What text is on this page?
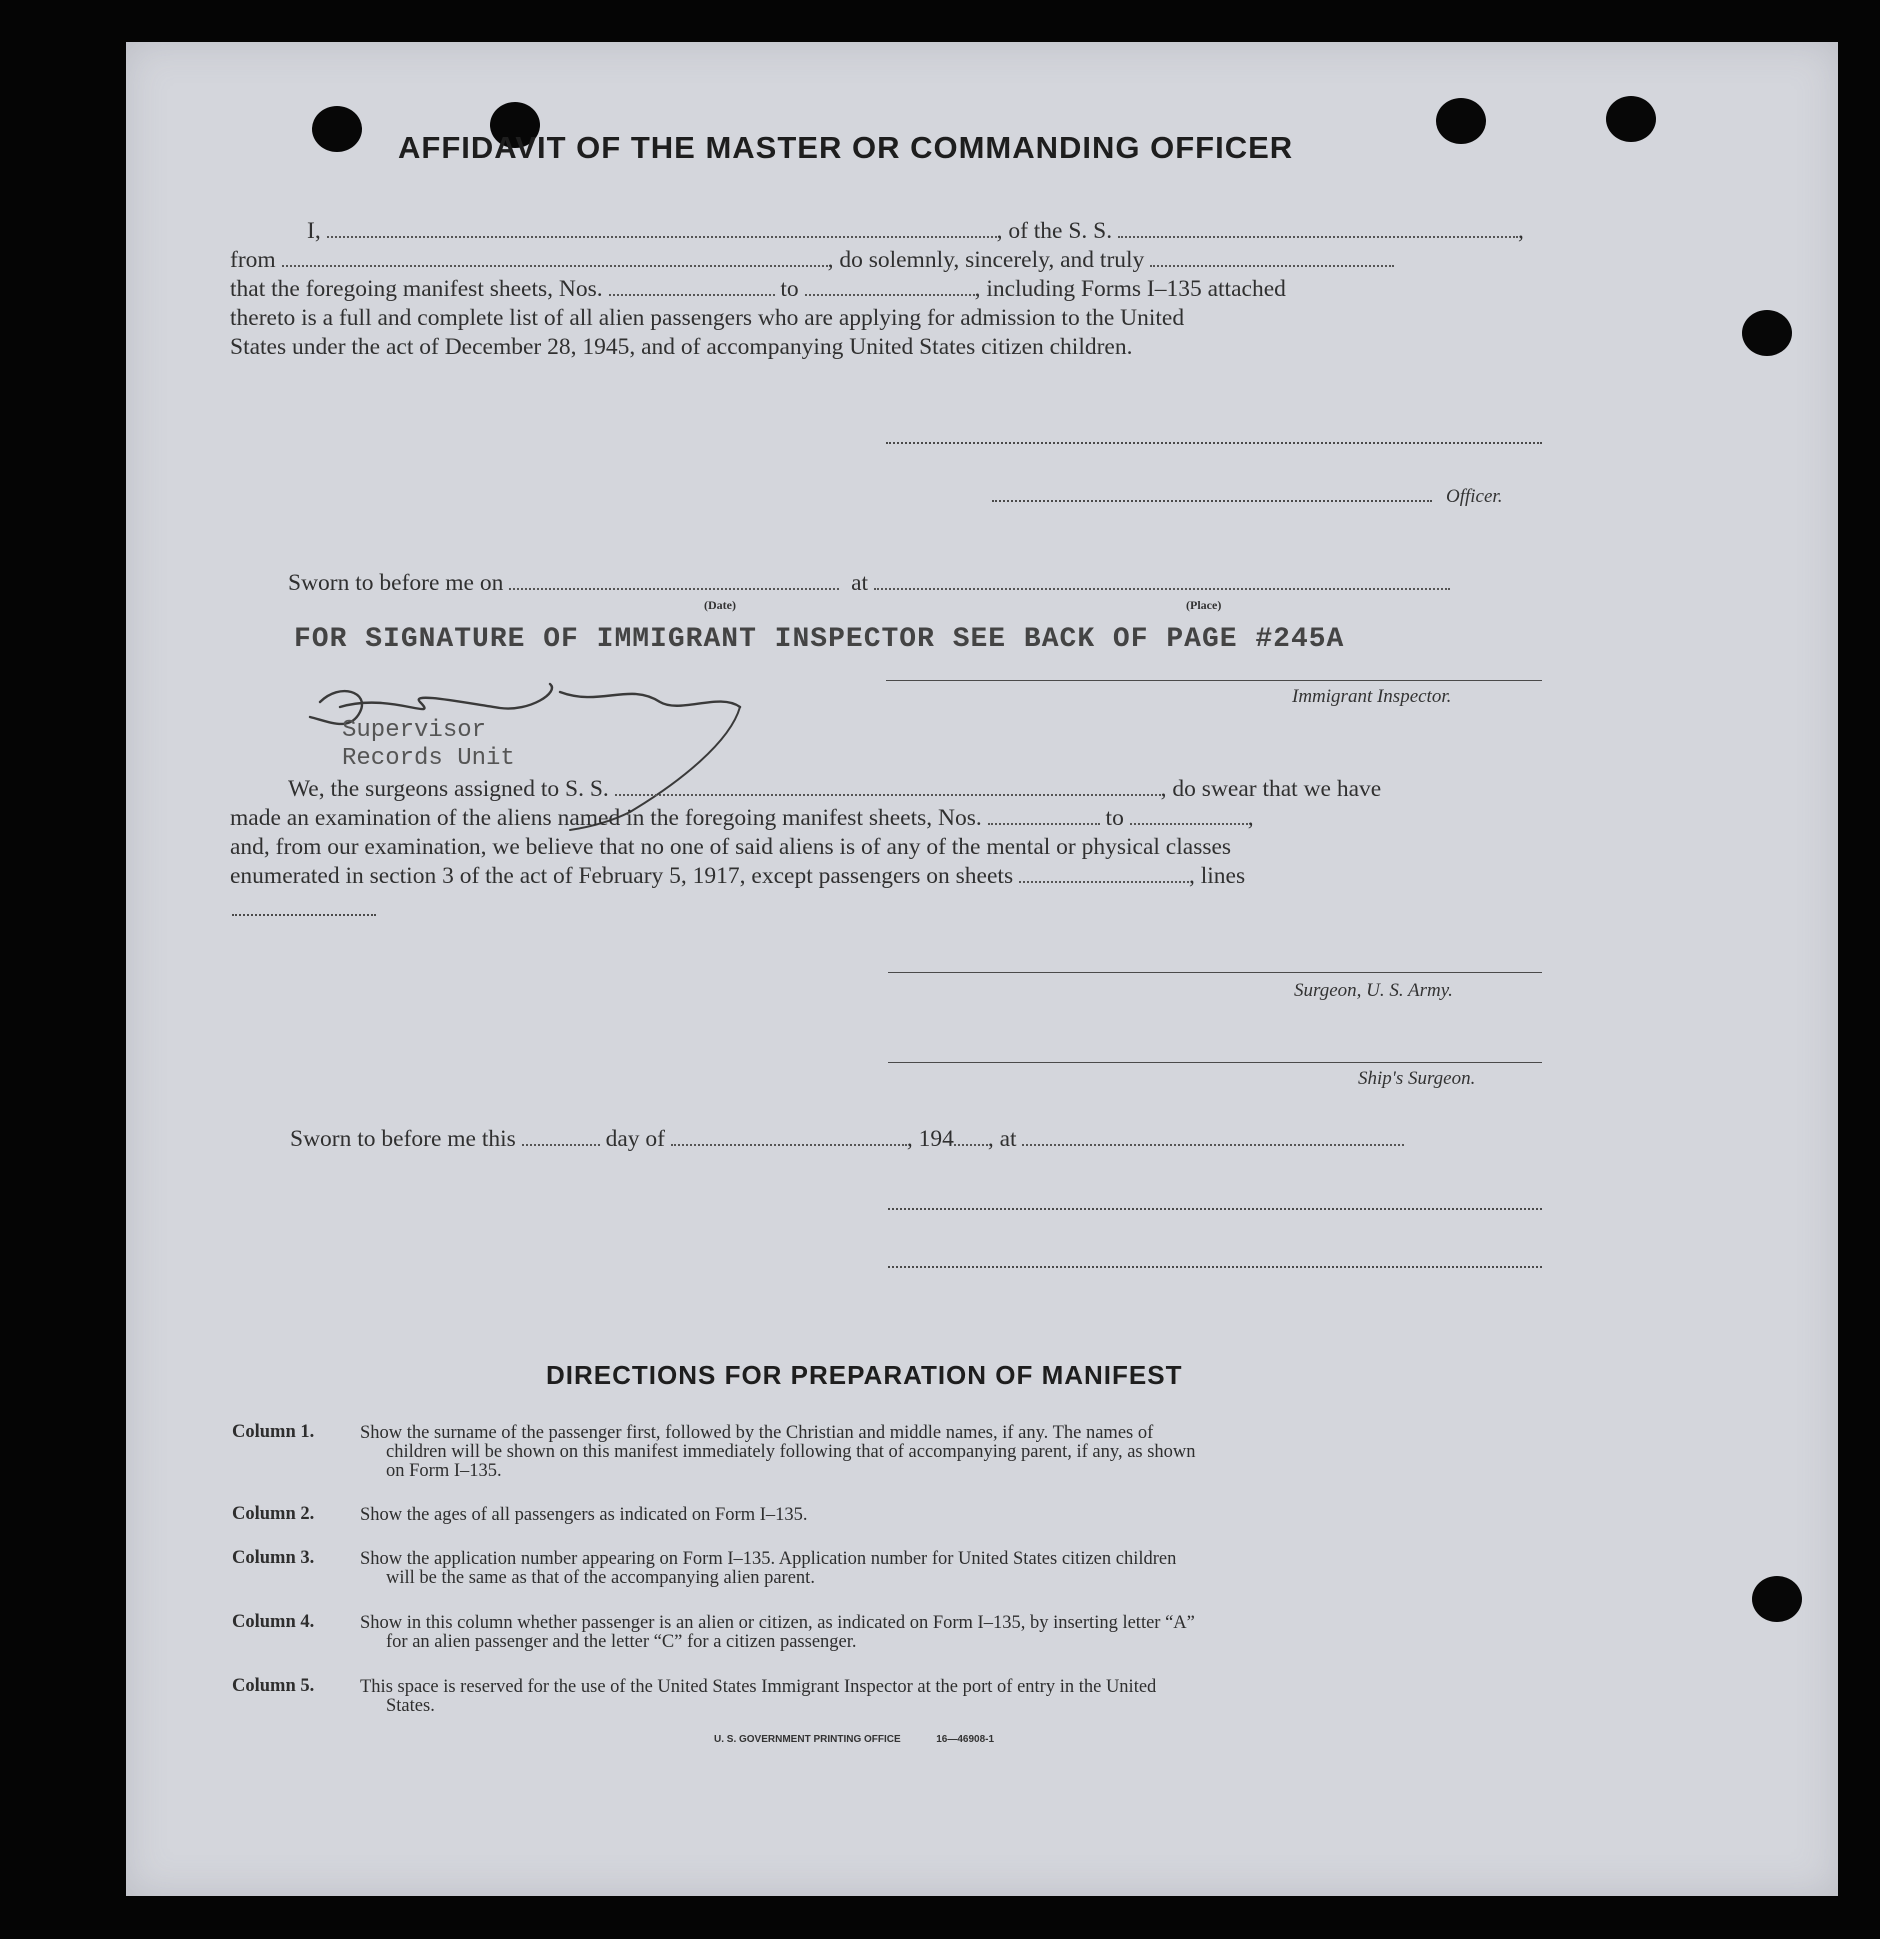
AFFIDAVIT OF THE MASTER OR COMMANDING OFFICER
I,	, of the S. S.	,
from	, do solemnly, sincerely, and truly
that the foregoing manifest sheets, Nos.	to	, including Forms I–135 attached
thereto is a full and complete list of all alien passengers who are applying for admission to the United
States under the act of December 28, 1945, and of accompanying United States citizen children.
Officer.
Sworn to before me on	at
(Date)	(Place)
FOR SIGNATURE OF IMMIGRANT INSPECTOR SEE BACK OF PAGE #245A
Immigrant Inspector.
Supervisor
Records Unit
We, the surgeons assigned to S. S.	, do swear that we have
made an examination of the aliens named in the foregoing manifest sheets, Nos.	to	,
and, from our examination, we believe that no one of said aliens is of any of the mental or physical classes
enumerated in section 3 of the act of February 5, 1917, except passengers on sheets	, lines
Surgeon, U. S. Army.
Ship's Surgeon.
Sworn to before me this	day of	, 194 , at
DIRECTIONS FOR PREPARATION OF MANIFEST
Column 1. Show the surname of the passenger first, followed by the Christian and middle names, if any. The names of
children will be shown on this manifest immediately following that of accompanying parent, if any, as shown
on Form I–135.
Column 2. Show the ages of all passengers as indicated on Form I–135.
Column 3. Show the application number appearing on Form I–135. Application number for United States citizen children
will be the same as that of the accompanying alien parent.
Column 4. Show in this column whether passenger is an alien or citizen, as indicated on Form I–135, by inserting letter “A”
for an alien passenger and the letter “C” for a citizen passenger.
Column 5. This space is reserved for the use of the United States Immigrant Inspector at the port of entry in the United
States.
U. S. GOVERNMENT PRINTING OFFICE	16—46908-1
